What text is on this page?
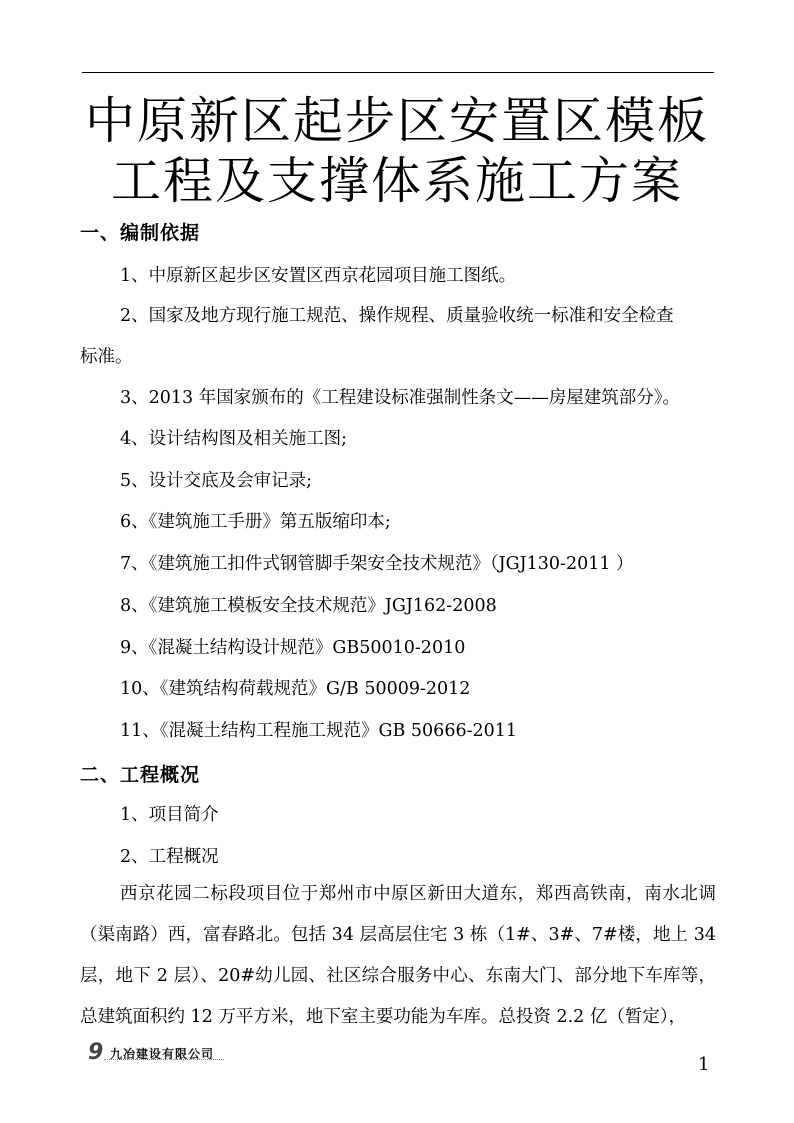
中原新区起步区安置区模板
工程及支撑体系施工方案
一、编制依据
1、中原新区起步区安置区西京花园项目施工图纸。
2、国家及地方现行施工规范、操作规程、质量验收统一标准和安全检查
标准。
3、2013 年国家颁布的《工程建设标准强制性条文——房屋建筑部分》。
4、设计结构图及相关施工图;
5、设计交底及会审记录;
6、《建筑施工手册》第五版缩印本;
7、《建筑施工扣件式钢管脚手架安全技术规范》（JGJ130-2011 ）
8、《建筑施工模板安全技术规范》JGJ162-2008
9、《混凝土结构设计规范》GB50010-2010
10、《建筑结构荷载规范》G/B 50009-2012
11、《混凝土结构工程施工规范》GB 50666-2011
二、工程概况
1、项目简介
2、工程概况
西京花园二标段项目位于郑州市中原区新田大道东，郑西高铁南，南水北调（渠南路）西，富春路北。包括 34 层高层住宅 3 栋（1#、3#、7#楼，地上 34 层，地下 2 层）、20#幼儿园、社区综合服务中心、东南大门、部分地下车库等，总建筑面积约 12 万平方米，地下室主要功能为车库。总投资 2.2 亿（暂定），
9 九冶建设有限公司
1
